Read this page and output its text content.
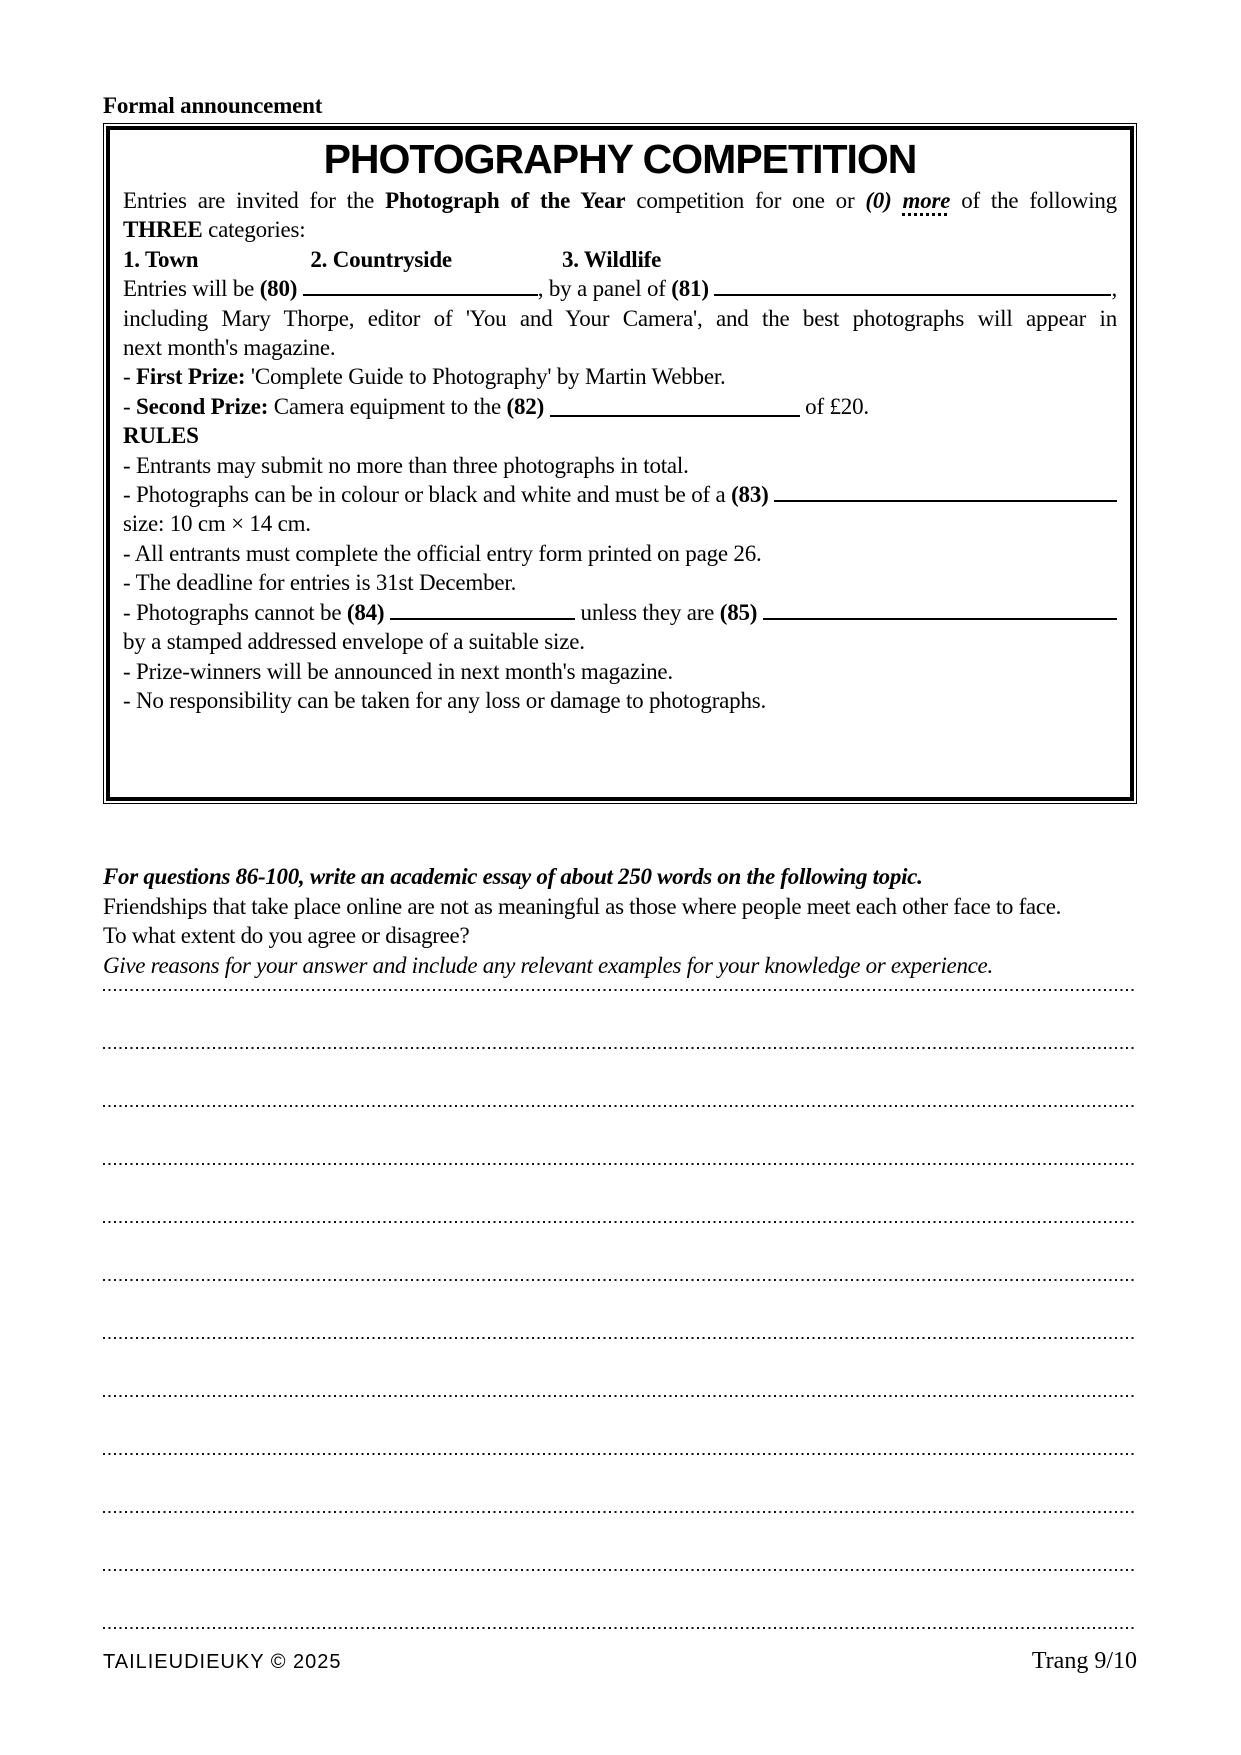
Formal announcement
PHOTOGRAPHY COMPETITION
Entries are invited for the Photograph of the Year competition for one or (0) more of the following
THREE categories:
1. Town	2. Countryside	3. Wildlife
Entries will be (80)
	, by a panel of (81)
	,
including Mary Thorpe, editor of 'You and Your Camera', and the best photographs will appear in
next month's magazine.
- First Prize: 'Complete Guide to Photography' by Martin Webber.
- Second Prize: Camera equipment to the (82)	of £20.
RULES
- Entrants may submit no more than three photographs in total.
- Photographs can be in colour or black and white and must be of a (83)

size: 10 cm × 14 cm.
- All entrants must complete the official entry form printed on page 26.
- The deadline for entries is 31st December.
- Photographs cannot be (84)
	unless they are (85)

by a stamped addressed envelope of a suitable size.
- Prize-winners will be announced in next month's magazine.
- No responsibility can be taken for any loss or damage to photographs.
For questions 86-100, write an academic essay of about 250 words on the following topic.
Friendships that take place online are not as meaningful as those where people meet each other face to face.
To what extent do you agree or disagree?
Give reasons for your answer and include any relevant examples for your knowledge or experience.
TAILIEUDIEUKY © 2025	Trang 9/10
